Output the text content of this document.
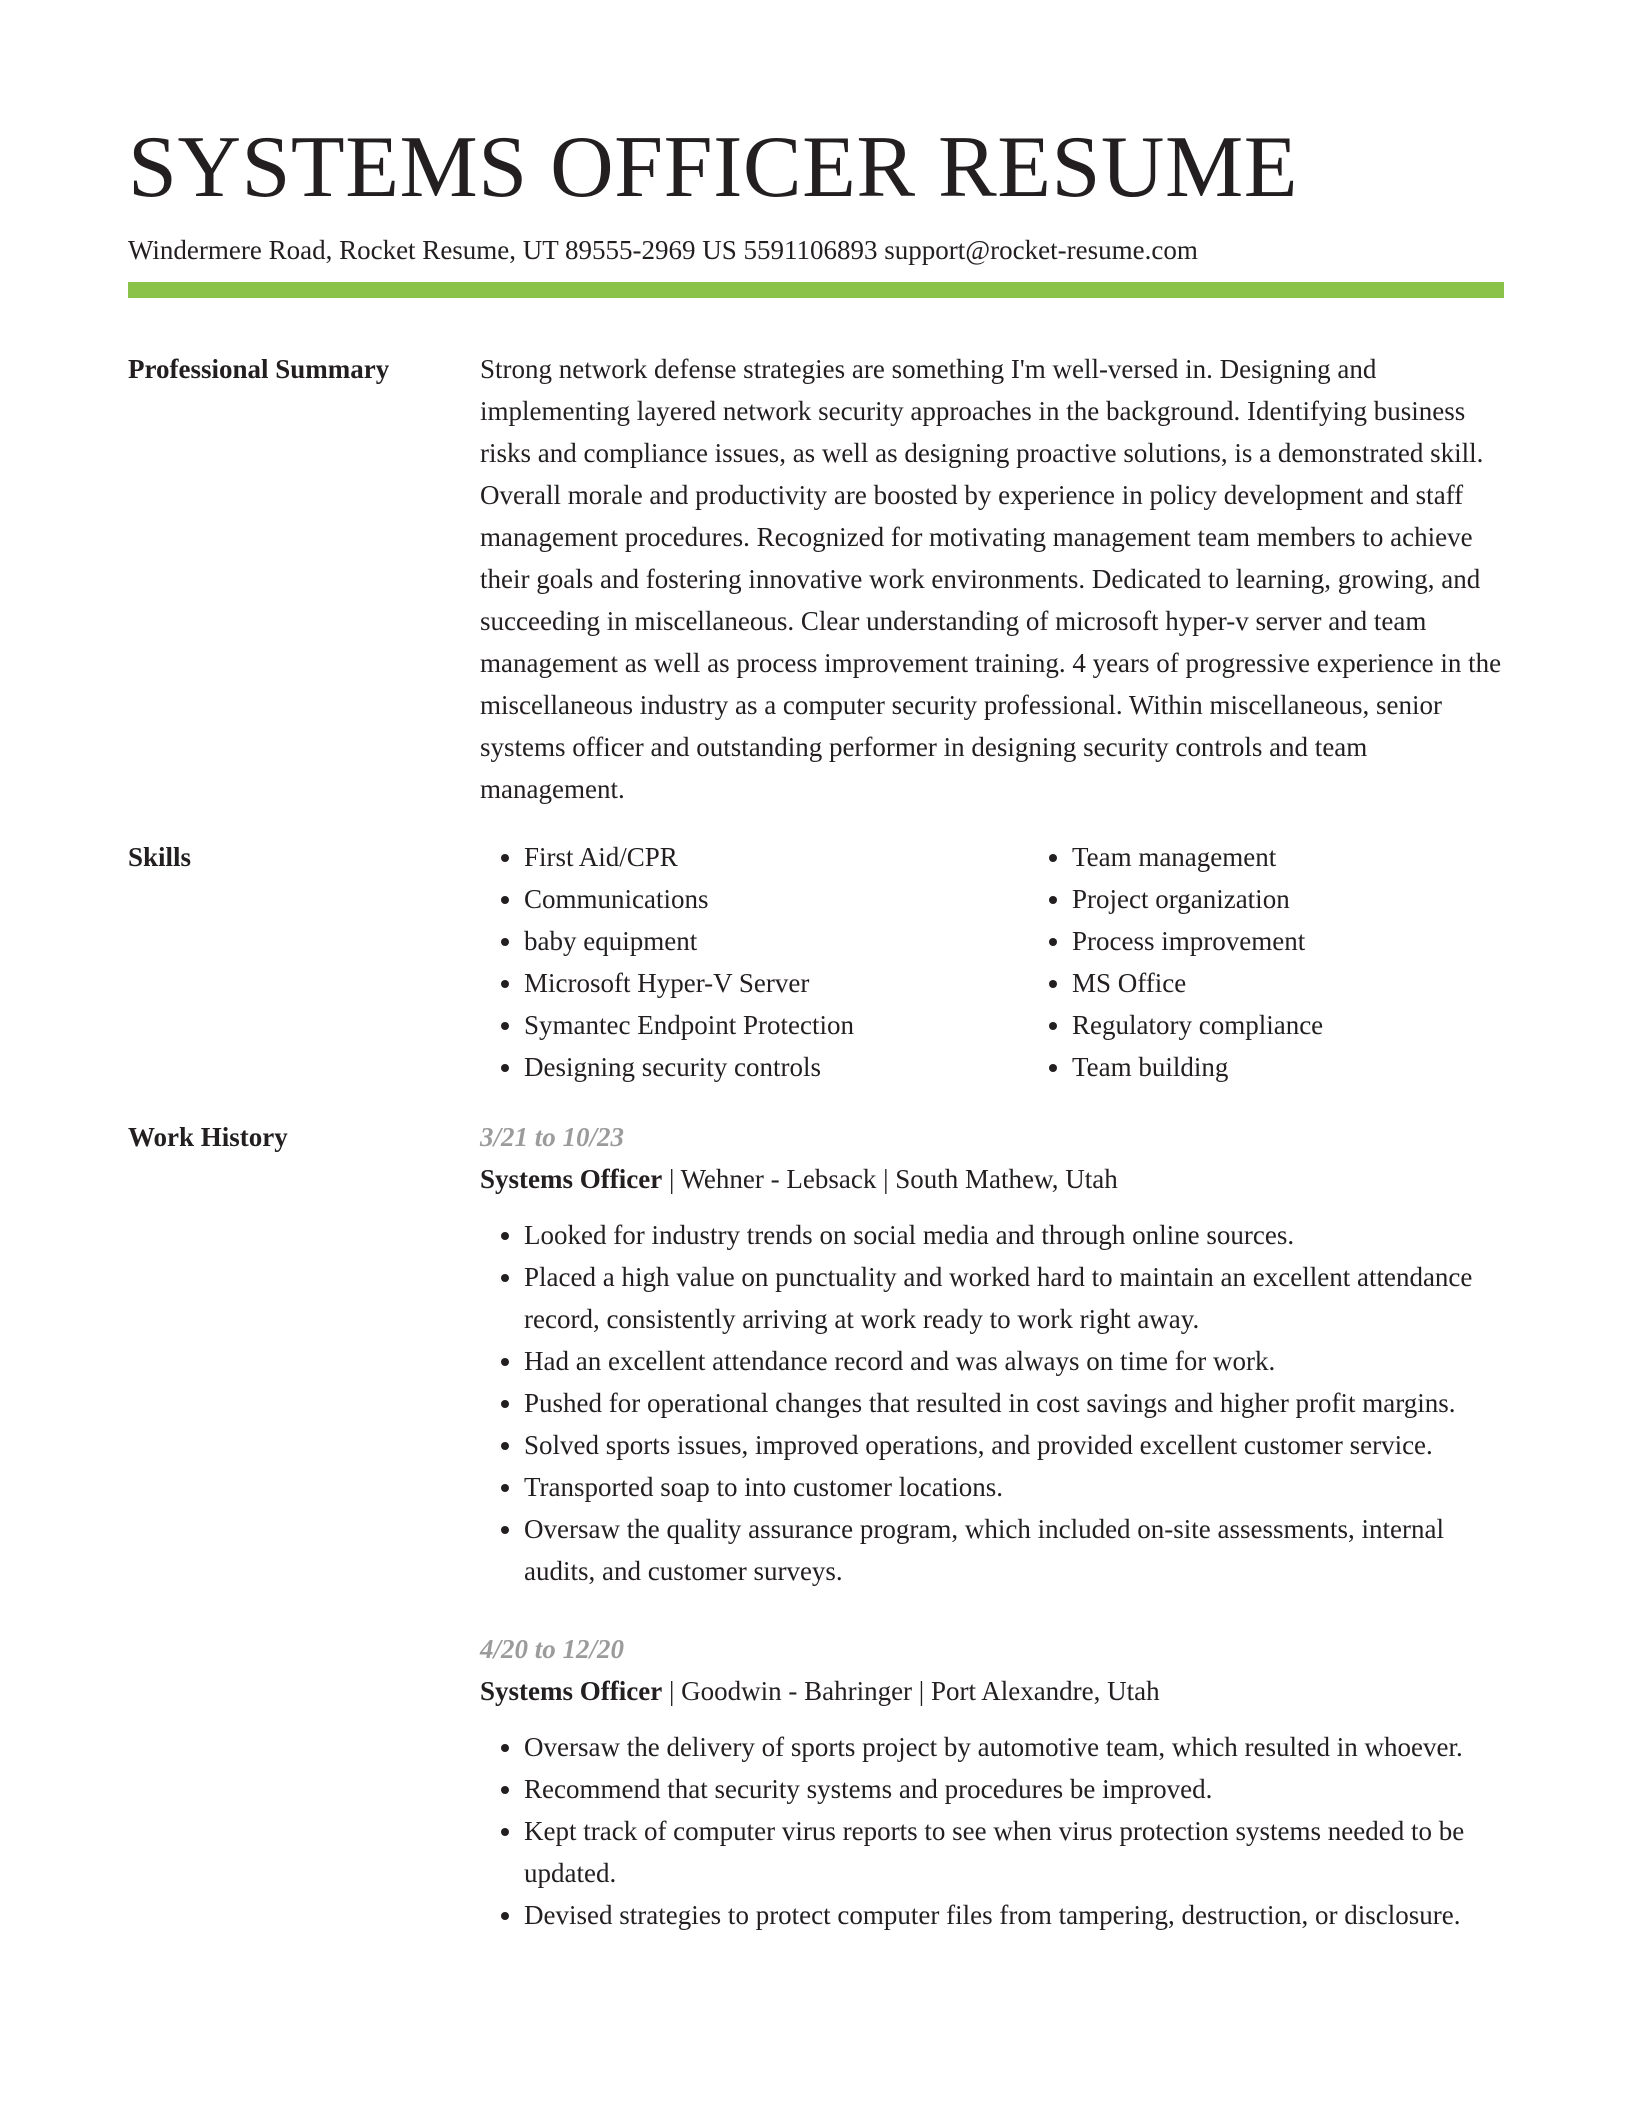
SYSTEMS OFFICER RESUME
Windermere Road, Rocket Resume, UT 89555-2969 US 5591106893 support@rocket-resume.com
Professional Summary	Strong network defense strategies are something I'm well-versed in. Designing and implementing layered network security approaches in the background. Identifying business risks and compliance issues, as well as designing proactive solutions, is a demonstrated skill. Overall morale and productivity are boosted by experience in policy development and staff management procedures. Recognized for motivating management team members to achieve their goals and fostering innovative work environments. Dedicated to learning, growing, and succeeding in miscellaneous. Clear understanding of microsoft hyper-v server and team management as well as process improvement training. 4 years of progressive experience in the miscellaneous industry as a computer security professional. Within miscellaneous, senior systems officer and outstanding performer in designing security controls and team management.

Skills
•	First Aid/CPR
• Communications
• baby equipment
• Microsoft Hyper-V Server
• Symantec Endpoint Protection
• Designing security controls
• Team management
• Project organization
• Process improvement
• MS Office
• Regulatory compliance
• Team building
Work History	3/21 to 10/23
Systems Officer | Wehner - Lebsack | South Mathew, Utah
• Looked for industry trends on social media and through online sources.
• Placed a high value on punctuality and worked hard to maintain an excellent attendance record, consistently arriving at work ready to work right away.
• Had an excellent attendance record and was always on time for work.
• Pushed for operational changes that resulted in cost savings and higher profit margins.
• Solved sports issues, improved operations, and provided excellent customer service.
• Transported soap to into customer locations.
• Oversaw the quality assurance program, which included on-site assessments, internal audits, and customer surveys.
4/20 to 12/20
Systems Officer | Goodwin - Bahringer | Port Alexandre, Utah
• Oversaw the delivery of sports project by automotive team, which resulted in whoever.
• Recommend that security systems and procedures be improved.
• Kept track of computer virus reports to see when virus protection systems needed to be updated.
• Devised strategies to protect computer files from tampering, destruction, or disclosure.
